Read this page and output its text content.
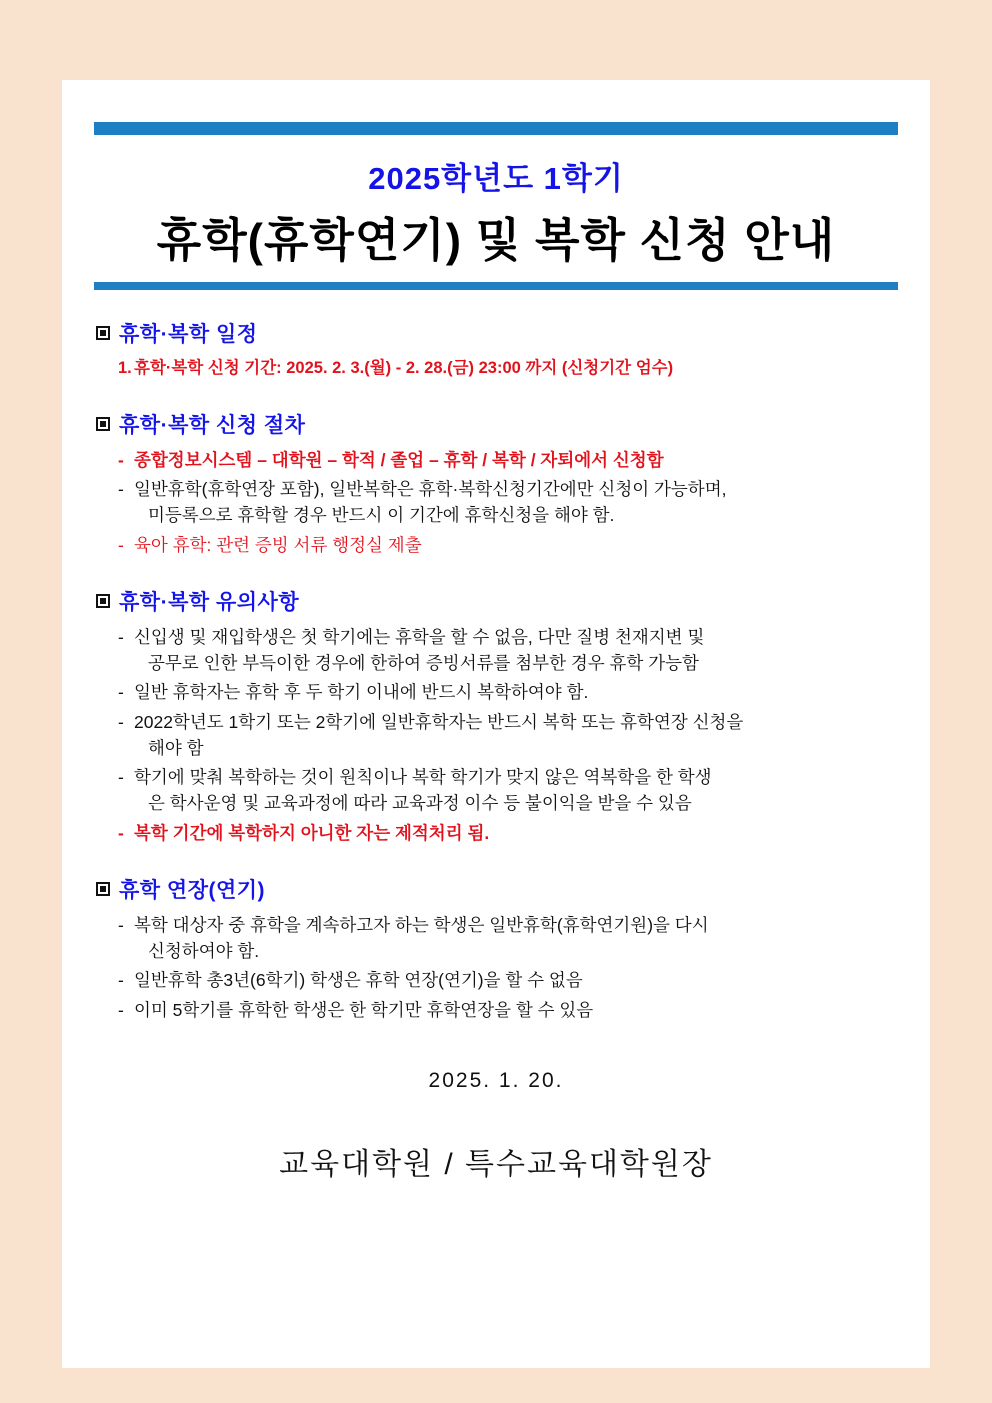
2025학년도 1학기
휴학(휴학연기) 및 복학 신청 안내
휴학·복학 일정
1. 휴학·복학 신청 기간: 2025. 2. 3.(월) - 2. 28.(금) 23:00 까지 (신청기간 엄수)
휴학·복학 신청 절차
- 종합정보시스템 – 대학원 – 학적 / 졸업 – 휴학 / 복학 / 자퇴에서 신청함
- 일반휴학(휴학연장 포함), 일반복학은 휴학·복학신청기간에만 신청이 가능하며,
미등록으로 휴학할 경우 반드시 이 기간에 휴학신청을 해야 함.
- 육아 휴학: 관련 증빙 서류 행정실 제출
휴학·복학 유의사항
- 신입생 및 재입학생은 첫 학기에는 휴학을 할 수 없음, 다만 질병 천재지변 및
공무로 인한 부득이한 경우에 한하여 증빙서류를 첨부한 경우 휴학 가능함
- 일반 휴학자는 휴학 후 두 학기 이내에 반드시 복학하여야 함.
- 2022학년도 1학기 또는 2학기에 일반휴학자는 반드시 복학 또는 휴학연장 신청을
해야 함
- 학기에 맞춰 복학하는 것이 원칙이나 복학 학기가 맞지 않은 역복학을 한 학생
은 학사운영 및 교육과정에 따라 교육과정 이수 등 불이익을 받을 수 있음
- 복학 기간에 복학하지 아니한 자는 제적처리 됨.
휴학 연장(연기)
- 복학 대상자 중 휴학을 계속하고자 하는 학생은 일반휴학(휴학연기원)을 다시
신청하여야 함.
- 일반휴학 총3년(6학기) 학생은 휴학 연장(연기)을 할 수 없음
- 이미 5학기를 휴학한 학생은 한 학기만 휴학연장을 할 수 있음
2025. 1. 20.
교육대학원 / 특수교육대학원장
